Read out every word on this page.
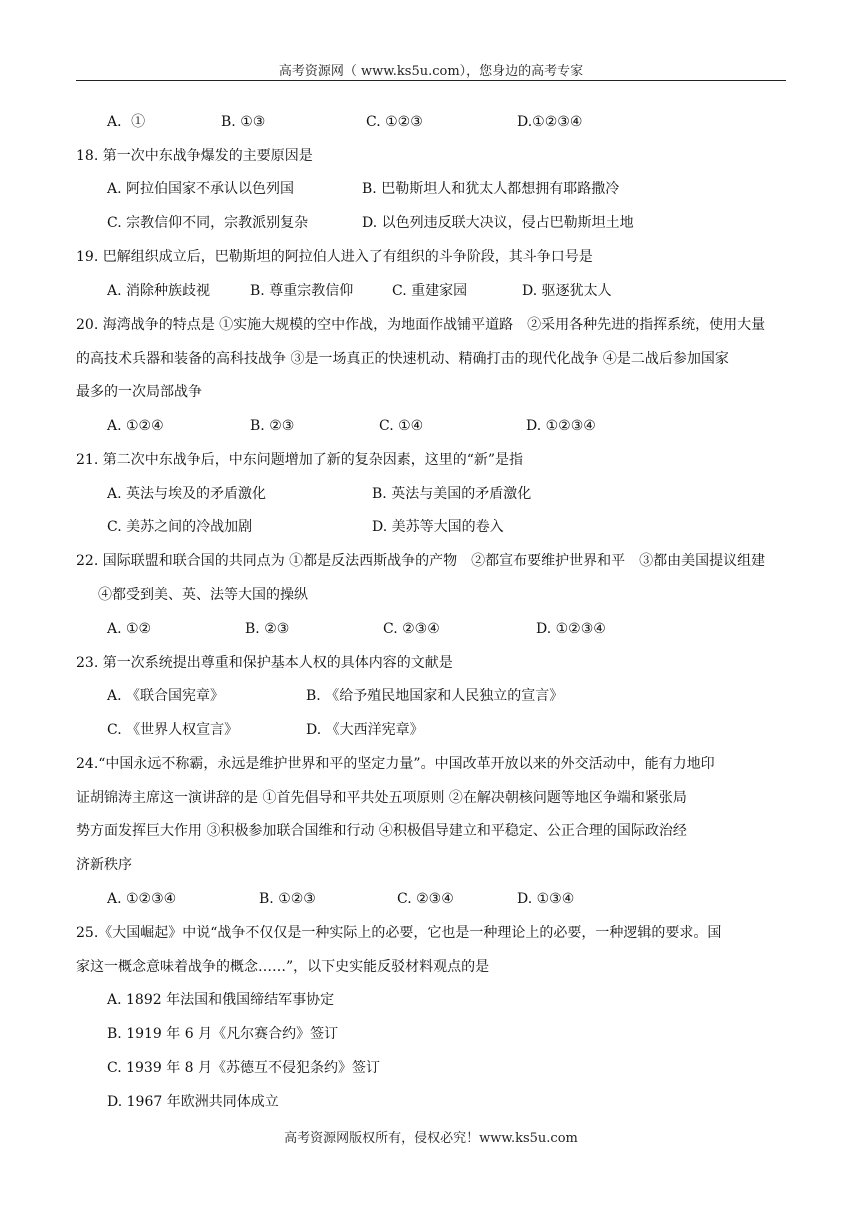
高考资源网（ www.ks5u.com），您身边的高考专家
A．①	B. ①③	C. ①②③	D.①②③④
18. 第一次中东战争爆发的主要原因是
A. 阿拉伯国家不承认以色列国	B. 巴勒斯坦人和犹太人都想拥有耶路撒冷
C. 宗教信仰不同，宗教派别复杂	D. 以色列违反联大决议，侵占巴勒斯坦土地
19. 巴解组织成立后，巴勒斯坦的阿拉伯人进入了有组织的斗争阶段，其斗争口号是
A. 消除种族歧视	B. 尊重宗教信仰	C. 重建家园	D. 驱逐犹太人
20. 海湾战争的特点是 ①实施大规模的空中作战，为地面作战铺平道路　②采用各种先进的指挥系统，使用大量
的高技术兵器和装备的高科技战争 ③是一场真正的快速机动、精确打击的现代化战争 ④是二战后参加国家
最多的一次局部战争
A. ①②④	B. ②③	C. ①④	D. ①②③④
21. 第二次中东战争后，中东问题增加了新的复杂因素，这里的“新”是指
A. 英法与埃及的矛盾激化	B. 英法与美国的矛盾激化
C. 美苏之间的冷战加剧	D. 美苏等大国的卷入
22. 国际联盟和联合国的共同点为 ①都是反法西斯战争的产物　②都宣布要维护世界和平　③都由美国提议组建
④都受到美、英、法等大国的操纵
A. ①②	B. ②③	C. ②③④	D. ①②③④
23. 第一次系统提出尊重和保护基本人权的具体内容的文献是
A. 《联合国宪章》	B. 《给予殖民地国家和人民独立的宣言》
C. 《世界人权宣言》	D. 《大西洋宪章》
24.“中国永远不称霸，永远是维护世界和平的坚定力量”。中国改革开放以来的外交活动中，能有力地印
证胡锦涛主席这一演讲辞的是 ①首先倡导和平共处五项原则 ②在解决朝核问题等地区争端和紧张局
势方面发挥巨大作用 ③积极参加联合国维和行动 ④积极倡导建立和平稳定、公正合理的国际政治经
济新秩序
A. ①②③④	B. ①②③	C. ②③④	D. ①③④
25.《大国崛起》中说“战争不仅仅是一种实际上的必要，它也是一种理论上的必要，一种逻辑的要求。国
家这一概念意味着战争的概念……”，以下史实能反驳材料观点的是
A. 1892 年法国和俄国缔结军事协定
B. 1919 年 6 月《凡尔赛合约》签订
C. 1939 年 8 月《苏德互不侵犯条约》签订
D. 1967 年欧洲共同体成立
高考资源网版权所有，侵权必究！www.ks5u.com
